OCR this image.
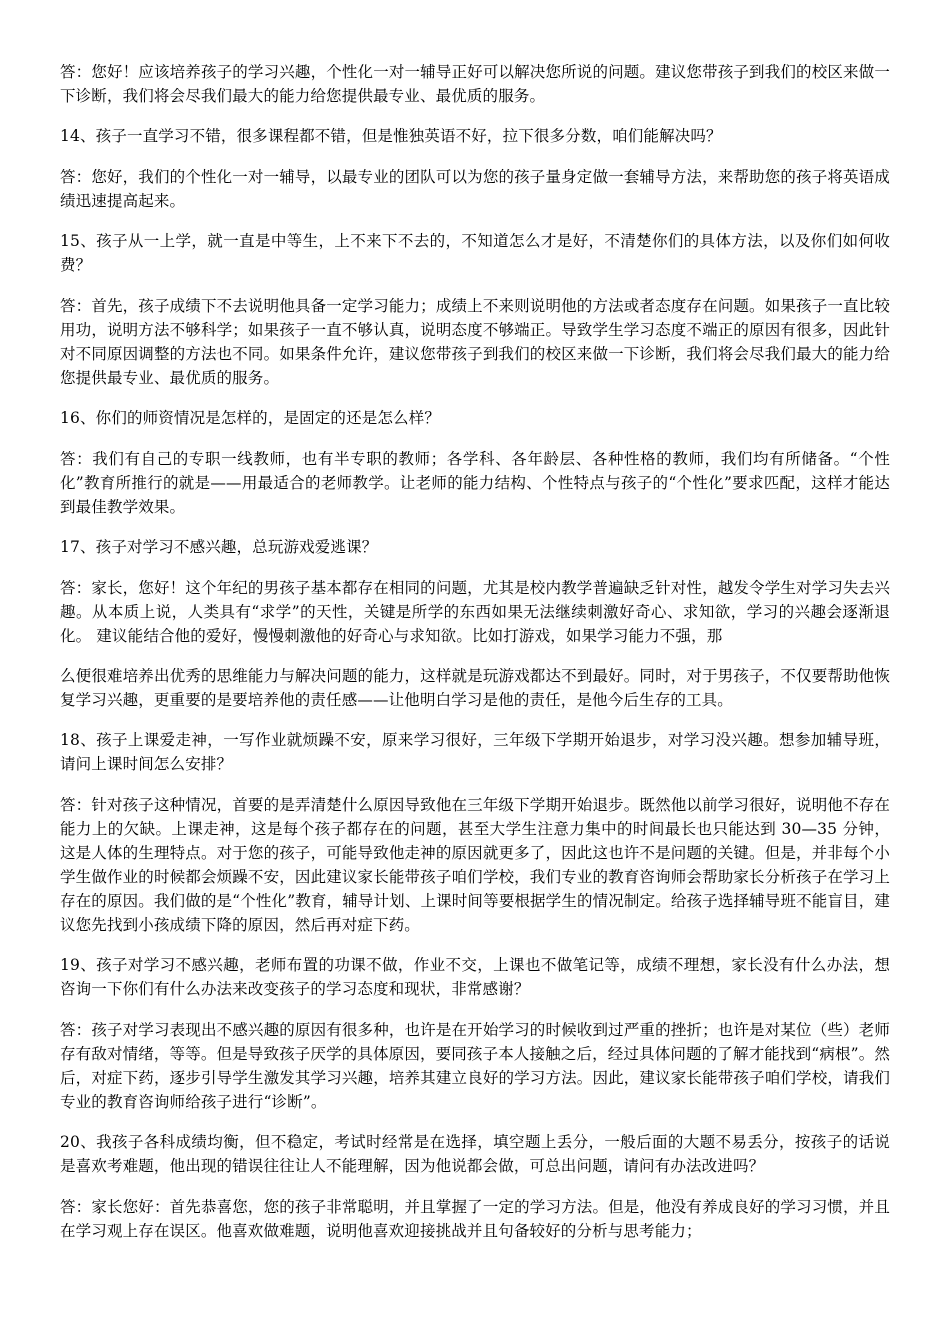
答：您好！应该培养孩子的学习兴趣，个性化一对一辅导正好可以解决您所说的问题。建议您带孩子到我们的校区来做一下诊断，我们将会尽我们最大的能力给您提供最专业、最优质的服务。

14、孩子一直学习不错，很多课程都不错，但是惟独英语不好，拉下很多分数，咱们能解决吗？

答：您好，我们的个性化一对一辅导，以最专业的团队可以为您的孩子量身定做一套辅导方法，来帮助您的孩子将英语成绩迅速提高起来。

15、孩子从一上学，就一直是中等生，上不来下不去的，不知道怎么才是好，不清楚你们的具体方法，以及你们如何收费？

答：首先，孩子成绩下不去说明他具备一定学习能力；成绩上不来则说明他的方法或者态度存在问题。如果孩子一直比较用功，说明方法不够科学；如果孩子一直不够认真，说明态度不够端正。导致学生学习态度不端正的原因有很多，因此针对不同原因调整的方法也不同。如果条件允许，建议您带孩子到我们的校区来做一下诊断，我们将会尽我们最大的能力给您提供最专业、最优质的服务。

16、你们的师资情况是怎样的，是固定的还是怎么样？

答：我们有自己的专职一线教师，也有半专职的教师；各学科、各年龄层、各种性格的教师，我们均有所储备。“个性化”教育所推行的就是——用最适合的老师教学。让老师的能力结构、个性特点与孩子的“个性化”要求匹配，这样才能达到最佳教学效果。

17、孩子对学习不感兴趣，总玩游戏爱逃课？

答：家长，您好！这个年纪的男孩子基本都存在相同的问题，尤其是校内教学普遍缺乏针对性，越发令学生对学习失去兴趣。从本质上说，人类具有“求学”的天性，关键是所学的东西如果无法继续刺激好奇心、求知欲，学习的兴趣会逐渐退化。 建议能结合他的爱好，慢慢刺激他的好奇心与求知欲。比如打游戏，如果学习能力不强，那

么便很难培养出优秀的思维能力与解决问题的能力，这样就是玩游戏都达不到最好。同时，对于男孩子，不仅要帮助他恢复学习兴趣，更重要的是要培养他的责任感——让他明白学习是他的责任，是他今后生存的工具。

18、孩子上课爱走神，一写作业就烦躁不安，原来学习很好，三年级下学期开始退步，对学习没兴趣。想参加辅导班，请问上课时间怎么安排？

答：针对孩子这种情况，首要的是弄清楚什么原因导致他在三年级下学期开始退步。既然他以前学习很好，说明他不存在能力上的欠缺。上课走神，这是每个孩子都存在的问题，甚至大学生注意力集中的时间最长也只能达到 30—35 分钟，这是人体的生理特点。对于您的孩子，可能导致他走神的原因就更多了，因此这也许不是问题的关键。但是，并非每个小学生做作业的时候都会烦躁不安，因此建议家长能带孩子咱们学校，我们专业的教育咨询师会帮助家长分析孩子在学习上存在的原因。我们做的是“个性化”教育，辅导计划、上课时间等要根据学生的情况制定。给孩子选择辅导班不能盲目，建议您先找到小孩成绩下降的原因，然后再对症下药。

19、孩子对学习不感兴趣，老师布置的功课不做，作业不交，上课也不做笔记等，成绩不理想，家长没有什么办法，想咨询一下你们有什么办法来改变孩子的学习态度和现状，非常感谢？

答：孩子对学习表现出不感兴趣的原因有很多种，也许是在开始学习的时候收到过严重的挫折；也许是对某位（些）老师存有敌对情绪，等等。但是导致孩子厌学的具体原因，要同孩子本人接触之后，经过具体问题的了解才能找到“病根”。然后，对症下药，逐步引导学生激发其学习兴趣，培养其建立良好的学习方法。因此，建议家长能带孩子咱们学校，请我们专业的教育咨询师给孩子进行“诊断”。

20、我孩子各科成绩均衡，但不稳定，考试时经常是在选择，填空题上丢分，一般后面的大题不易丢分，按孩子的话说是喜欢考难题，他出现的错误往往让人不能理解，因为他说都会做，可总出问题，请问有办法改进吗？

答：家长您好：首先恭喜您，您的孩子非常聪明，并且掌握了一定的学习方法。但是，他没有养成良好的学习习惯，并且在学习观上存在误区。他喜欢做难题，说明他喜欢迎接挑战并且句备较好的分析与思考能力；
